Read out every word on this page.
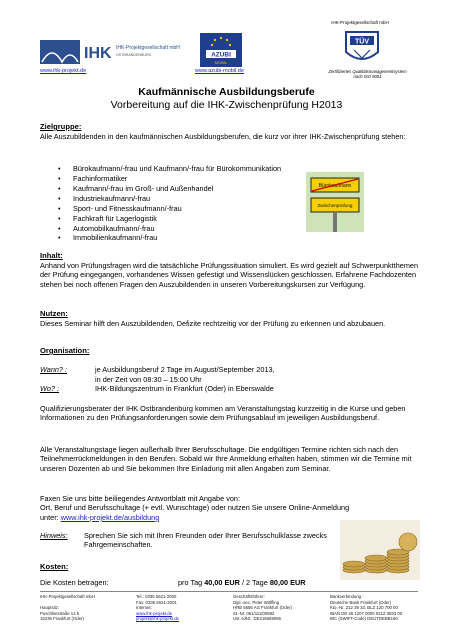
IHK IHK-Projektgesellschaft mbH
OSTBRANDENBURG
www.ihk-projekt.de
AZUBI
MOBIL
www.azubi-mobil.de
IHK-Projektgesellschaft mbH
TÜV
Zertifiziertes Qualitätsmanagementsystem
nach ISO 9001
Kaufmännische Ausbildungsberufe
Vorbereitung auf die IHK-Zwischenprüfung H2013
Zielgruppe:
Alle Auszubildenden in den kaufmännischen Ausbildungsberufen, die kurz vor ihrer IHK-Zwischenprüfung stehen:
• Bürokaufmann/-frau und Kaufmann/-frau für Bürokommunikation
• Fachinformatiker
• Kaufmann/-frau im Groß- und Außenhandel
• Industriekaufmann/-frau
• Sport- und Fitnesskaufmann/-frau
• Fachkraft für Lagerlogistik
• Automobilkaufmann/-frau
• Immobilienkaufmann/-frau
Bürokaufmann
Zwischenprüfung
Inhalt:
Anhand von Prüfungsfragen wird die tatsächliche Prüfungssituation simuliert. Es wird gezielt auf Schwerpunktthemen der Prüfung eingegangen, vorhandenes Wissen gefestigt und Wissenslücken geschlossen. Erfahrene Fachdozenten stehen bei noch offenen Fragen den Auszubildenden in unseren Vorbereitungskursen zur Verfügung.
Nutzen:
Dieses Seminar hilft den Auszubildenden, Defizite rechtzeitig vor der Prüfung zu erkennen und abzubauen.
Organisation:
Wann? :	je Ausbildungsberuf 2 Tage im August/September 2013,
in der Zeit von 08:30 – 15:00 Uhr
Wo? :	IHK-Bildungszentrum in Frankfurt (Oder) in Eberswalde
Qualifizierungsberater der IHK Ostbrandenburg kommen am Veranstaltungstag kurzzeitig in die Kurse und geben Informationen zu den Prüfungsanforderungen sowie dem Prüfungsablauf im jeweiligen Ausbildungsberuf.
Alle Veranstaltungstage liegen außerhalb Ihrer Berufsschultage. Die endgültigen Termine richten sich nach den Teilnehmerrückmeldungen in den Berufen. Sobald wir Ihre Anmeldung erhalten haben, stimmen wir die Termine mit unseren Dozenten ab und Sie bekommen Ihre Einladung mit allen Angaben zum Seminar.
Faxen Sie uns bitte beiliegendes Antwortblatt mit Angabe von:
Ort, Beruf und Berufsschultage (+ evtl. Wunschtage) oder nutzen Sie unsere Online-Anmeldung
unter: www.ihk-projekt.de/ausbildung
Hinweis: Sprechen Sie sich mit Ihren Freunden oder Ihrer Berufsschulklasse zwecks Fahrgemeinschaften.
Kosten:
Die Kosten betragen:	pro Tag 40,00 EUR / 2 Tage 80,00 EUR
IHK-Projektgesellschaft mbH

Hauptsitz:
Puschkinstraße 12 b
15236 Frankfurt (Oder)
Tel.: 0335 5621-2000
Fax: 0335 5621-2001
Internet:
www.ihk-projekt.de
projekt@ihk-projekt.de
Geschäftsführer:
Dipl.-oec. Peter Wölfling
HRB 5656 AG Frankfurt (Oder)
St.-Nr. 061/111/00592
Ust.-IdNr.: DE216689066
Bankverbindung :
Deutsche Bank Frankfurt (Oder)
Kto.-Nr. 212 39 33, BLZ 120 700 00
IBAN DE 46 1207 0000 0212 3933 00
BIC (SWIFT-Code) DEUTDEBB160
